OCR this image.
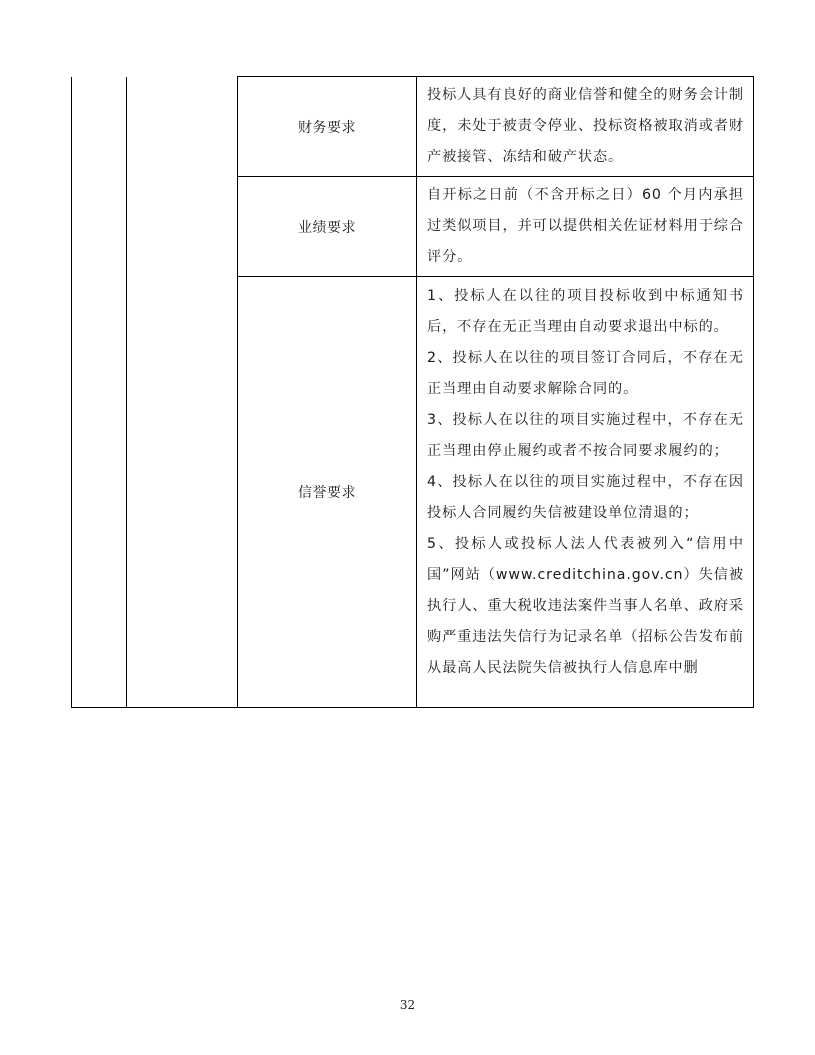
		财务要求	投标人具有良好的商业信誉和健全的财务会计制度，未处于被责令停业、投标资格被取消或者财产被接管、冻结和破产状态。

		业绩要求	自开标之日前（不含开标之日）60 个月内承担过类似项目，并可以提供相关佐证材料用于综合评分。

		信誉要求	1、投标人在以往的项目投标收到中标通知书后，不存在无正当理由自动要求退出中标的。

2、投标人在以往的项目签订合同后，不存在无正当理由自动要求解除合同的。

3、投标人在以往的项目实施过程中，不存在无正当理由停止履约或者不按合同要求履约的；

4、投标人在以往的项目实施过程中，不存在因投标人合同履约失信被建设单位清退的；

5、投标人或投标人法人代表被列入“信用中国”网站（www.creditchina.gov.cn）失信被执行人、重大税收违法案件当事人名单、政府采购严重违法失信行为记录名单（招标公告发布前从最高人民法院失信被执行人信息库中删

32
